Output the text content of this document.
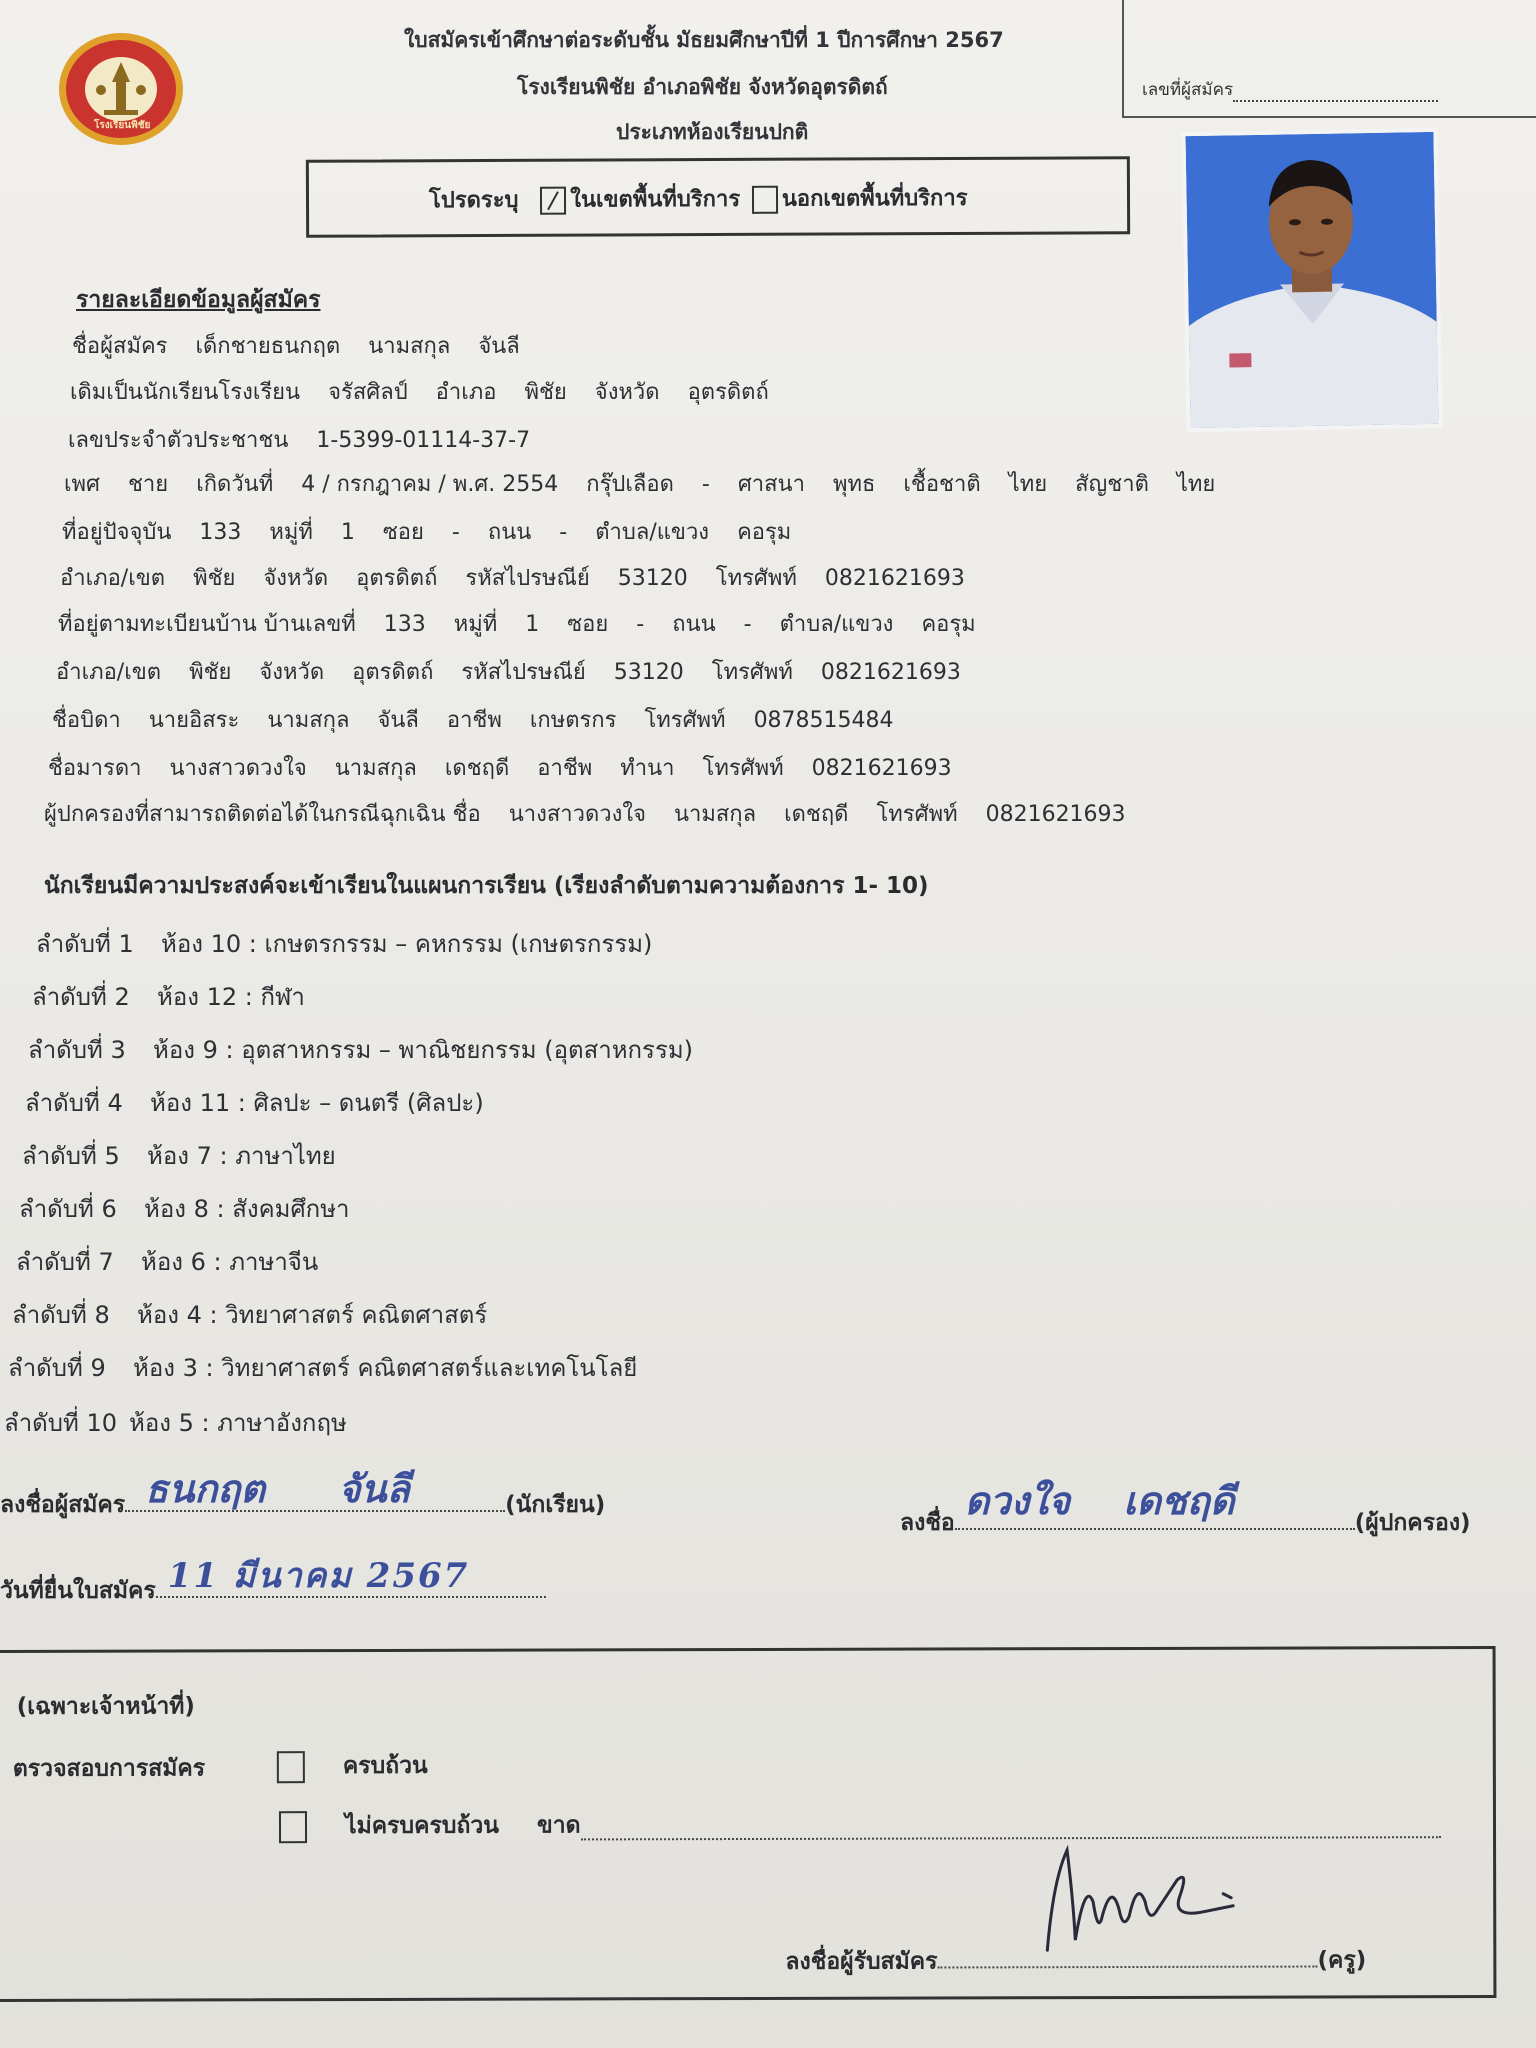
โรงเรียนพิชัย
ใบสมัครเข้าศึกษาต่อระดับชั้น มัธยมศึกษาปีที่ 1 ปีการศึกษา 2567
โรงเรียนพิชัย อำเภอพิชัย จังหวัดอุตรดิตถ์
ประเภทห้องเรียนปกติ
เลขที่ผู้สมัคร
โปรดระบุ ในเขตพื้นที่บริการ นอกเขตพื้นที่บริการ
รายละเอียดข้อมูลผู้สมัคร
ชื่อผู้สมัคร เด็กชายธนกฤต นามสกุล จันลี
เดิมเป็นนักเรียนโรงเรียน จรัสศิลป์ อำเภอ พิชัย จังหวัด อุตรดิตถ์
เลขประจำตัวประชาชน 1-5399-01114-37-7
เพศ ชาย เกิดวันที่ 4 / กรกฎาคม / พ.ศ. 2554 กรุ๊ปเลือด - ศาสนา พุทธ เชื้อชาติ ไทย สัญชาติ ไทย
ที่อยู่ปัจจุบัน 133 หมู่ที่ 1 ซอย - ถนน - ตำบล/แขวง คอรุม
อำเภอ/เขต พิชัย จังหวัด อุตรดิตถ์ รหัสไปรษณีย์ 53120 โทรศัพท์ 0821621693
ที่อยู่ตามทะเบียนบ้าน บ้านเลขที่ 133 หมู่ที่ 1 ซอย - ถนน - ตำบล/แขวง คอรุม
อำเภอ/เขต พิชัย จังหวัด อุตรดิตถ์ รหัสไปรษณีย์ 53120 โทรศัพท์ 0821621693
ชื่อบิดา นายอิสระ นามสกุล จันลี อาชีพ เกษตรกร โทรศัพท์ 0878515484
ชื่อมารดา นางสาวดวงใจ นามสกุล เดชฤดี อาชีพ ทำนา โทรศัพท์ 0821621693
ผู้ปกครองที่สามารถติดต่อได้ในกรณีฉุกเฉิน ชื่อ นางสาวดวงใจ นามสกุล เดชฤดี โทรศัพท์ 0821621693
นักเรียนมีความประสงค์จะเข้าเรียนในแผนการเรียน (เรียงลำดับตามความต้องการ 1- 10)
ลำดับที่ 1 ห้อง 10 : เกษตรกรรม – คหกรรม (เกษตรกรรม)
ลำดับที่ 2 ห้อง 12 : กีฬา
ลำดับที่ 3 ห้อง 9 : อุตสาหกรรม – พาณิชยกรรม (อุตสาหกรรม)
ลำดับที่ 4 ห้อง 11 : ศิลปะ – ดนตรี (ศิลปะ)
ลำดับที่ 5 ห้อง 7 : ภาษาไทย
ลำดับที่ 6 ห้อง 8 : สังคมศึกษา
ลำดับที่ 7 ห้อง 6 : ภาษาจีน
ลำดับที่ 8 ห้อง 4 : วิทยาศาสตร์ คณิตศาสตร์
ลำดับที่ 9 ห้อง 3 : วิทยาศาสตร์ คณิตศาสตร์และเทคโนโลยี
ลำดับที่ 10 ห้อง 5 : ภาษาอังกฤษ
ลงชื่อผู้สมัคร ธนกฤต จันลี	(นักเรียน)
ลงชื่อ ดวงใจ เดชฤดี	(ผู้ปกครอง)
วันที่ยื่นใบสมัคร 11 มีนาคม 2567
(เฉพาะเจ้าหน้าที่)
ตรวจสอบการสมัคร	ครบถ้วน
ไม่ครบครบถ้วน ขาด
ลงชื่อผู้รับสมัคร	(ครู)
